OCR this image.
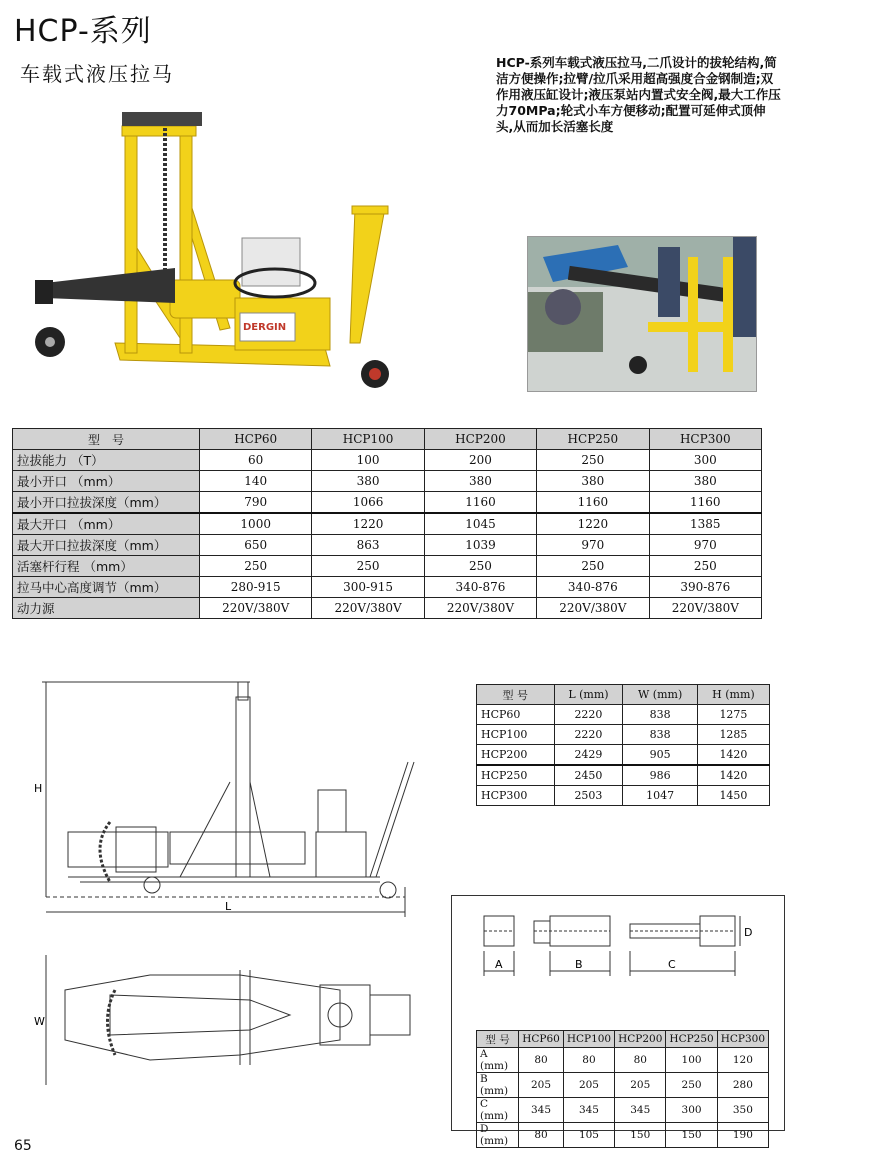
HCP-系列
车载式液压拉马	HCP-系列车载式液压拉马,二爪设计的拔轮结构,简洁方便操作;拉臂/拉爪采用超高强度合金钢制造;双作用液压缸设计;液压泵站内置式安全阀,最大工作压力70MPa;轮式小车方便移动;配置可延伸式顶伸头,从而加长活塞长度
DERGIN
型　号	HCP60	HCP100	HCP200	HCP250	HCP300
拉拔能力 （T）	60	100	200	250	300
最小开口 （mm）	140	380	380	380	380
最小开口拉拔深度（mm）	790	1066	1160	1160	1160
最大开口 （mm）	1000	1220	1045	1220	1385
最大开口拉拔深度（mm）	650	863	1039	970	970
活塞杆行程 （mm）	250	250	250	250	250
拉马中心高度调节（mm）	280-915	300-915	340-876	340-876	390-876
动力源	220V/380V	220V/380V	220V/380V	220V/380V	220V/380V
H
L
W
型 号	L (mm)	W (mm)	H (mm)
HCP60	2220	838	1275
HCP100	2220	838	1285
HCP200	2429	905	1420
HCP250	2450	986	1420
HCP300	2503	1047	1450
A	B	C
D
型 号	HCP60	HCP100	HCP200	HCP250	HCP300
A (mm)	80	80	80	100	120
B (mm)	205	205	205	250	280
C (mm)	345	345	345	300	350
D (mm)	80	105	150	150	190
65
